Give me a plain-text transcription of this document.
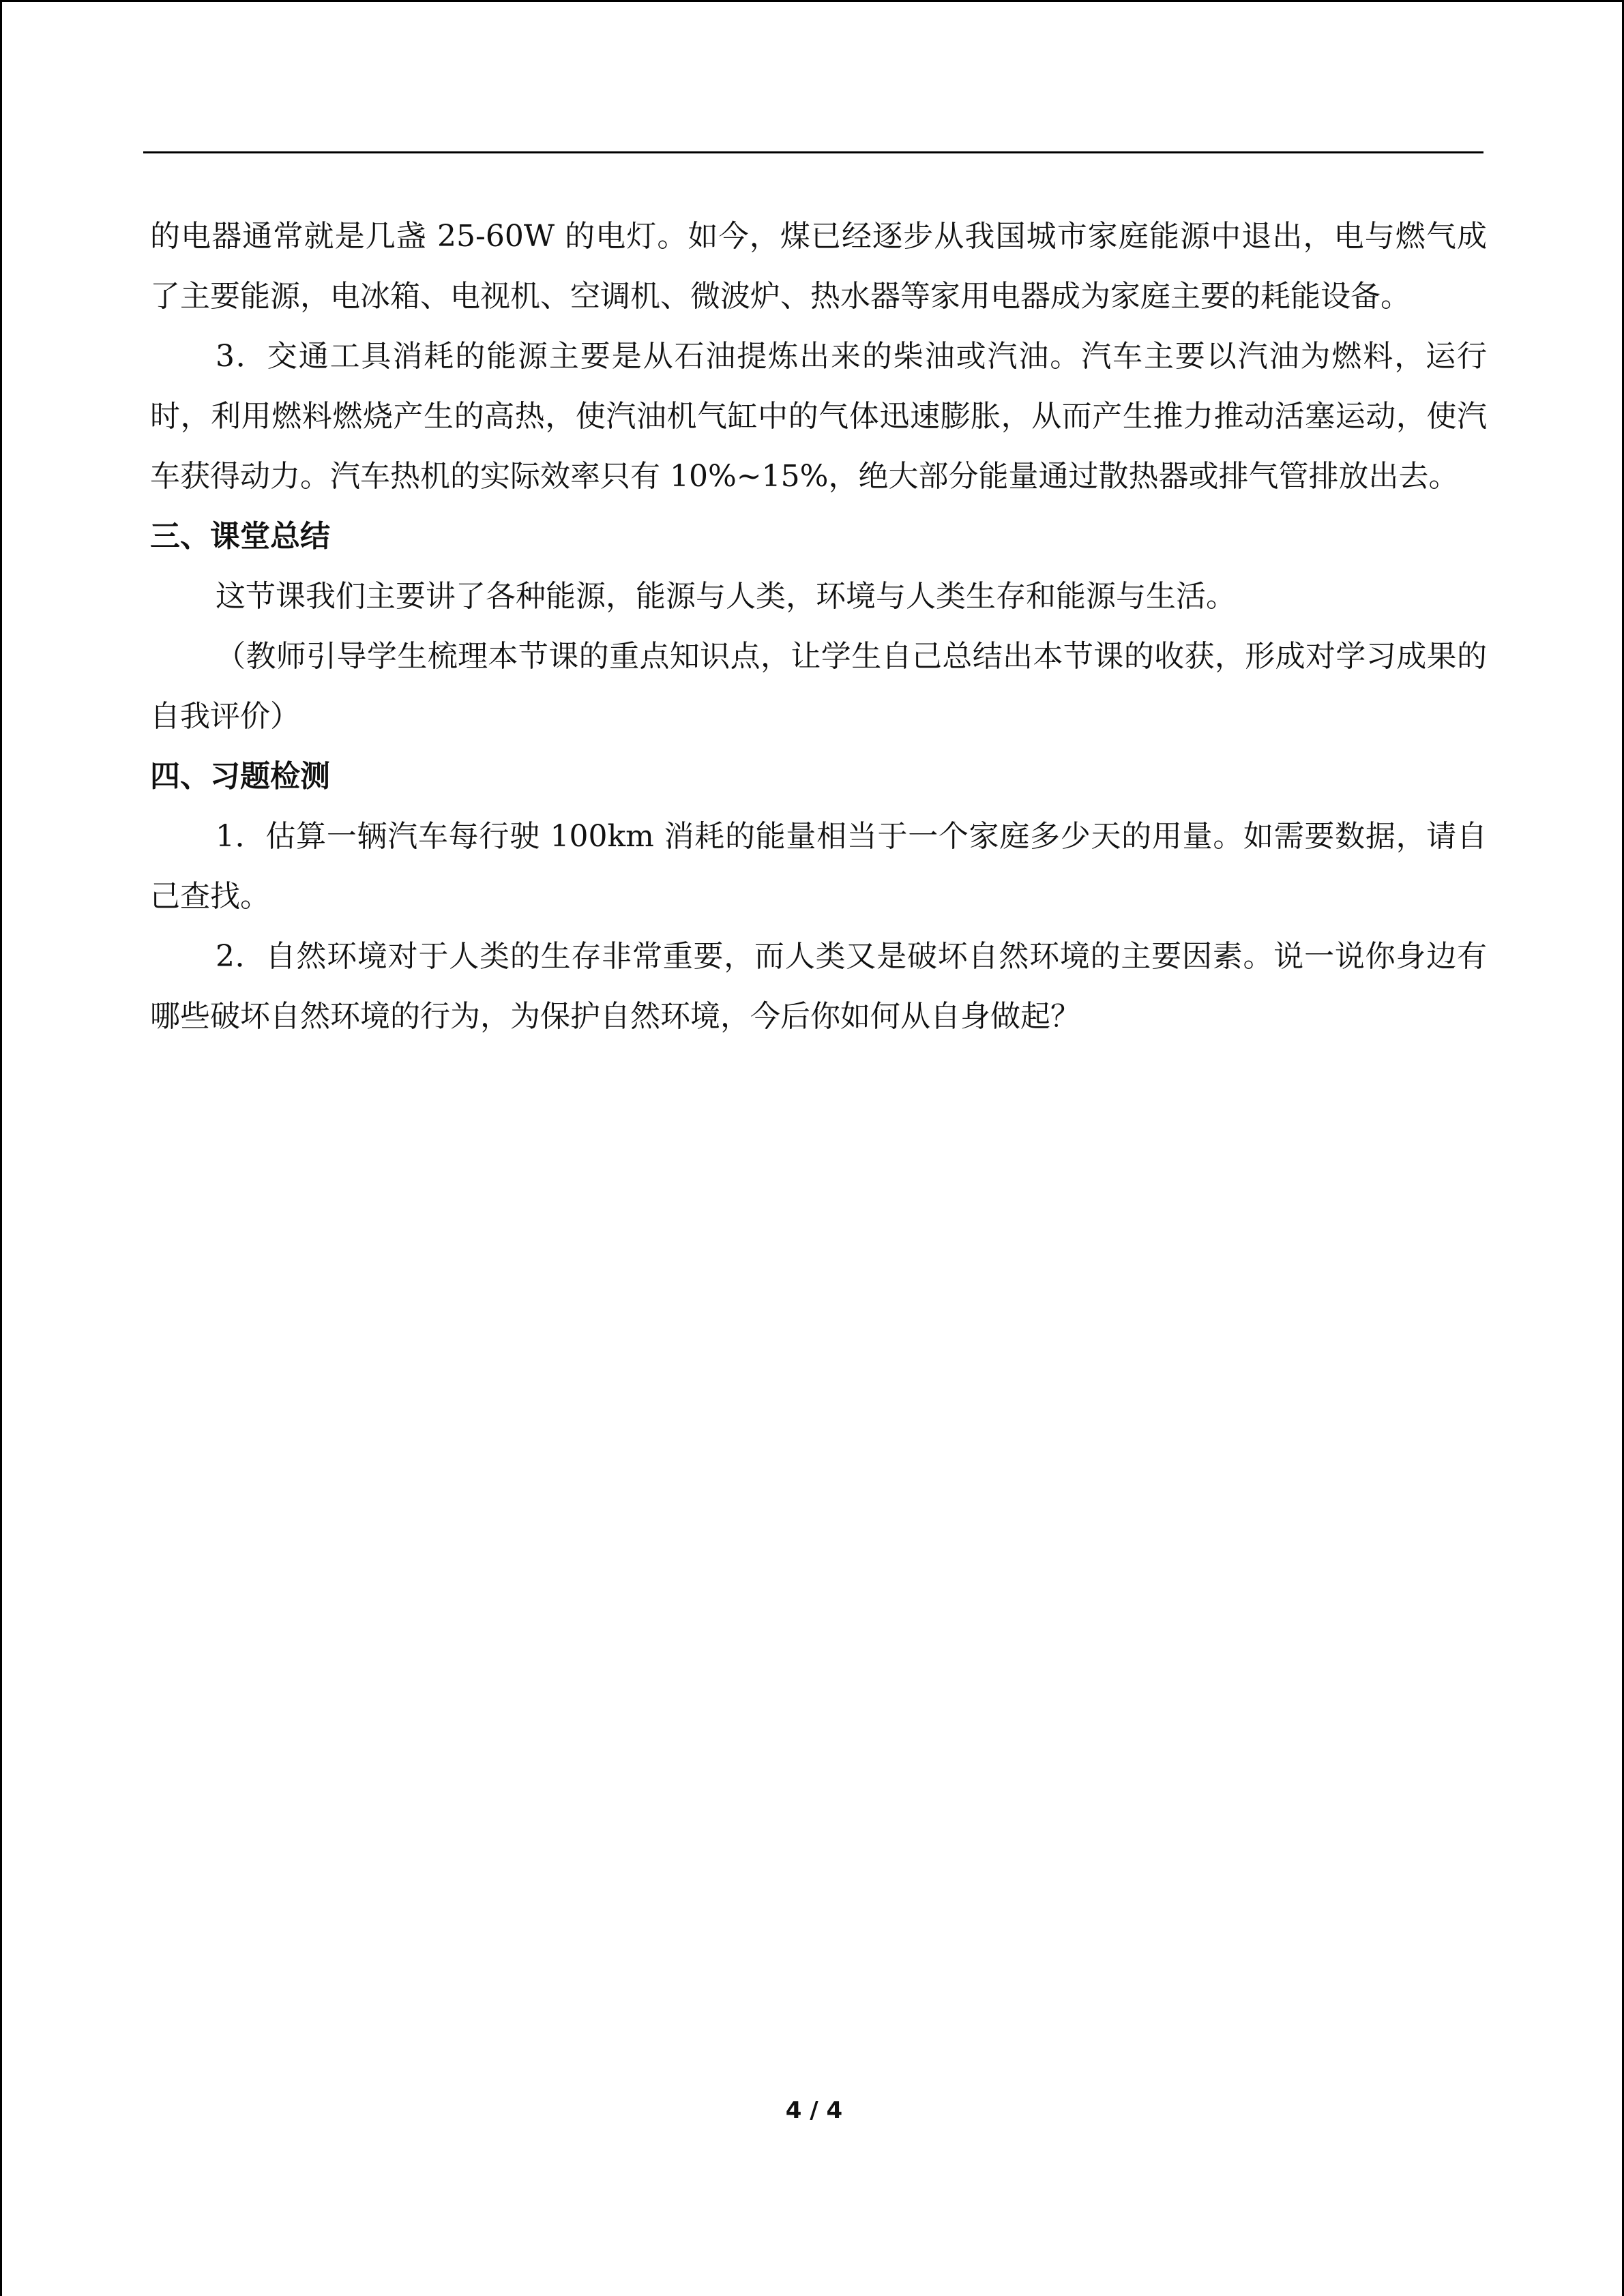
的电器通常就是几盏 25-60W 的电灯。如今，煤已经逐步从我国城市家庭能源中退出，电与燃气成了主要能源，电冰箱、电视机、空调机、微波炉、热水器等家用电器成为家庭主要的耗能设备。

3．交通工具消耗的能源主要是从石油提炼出来的柴油或汽油。汽车主要以汽油为燃料，运行时，利用燃料燃烧产生的高热，使汽油机气缸中的气体迅速膨胀，从而产生推力推动活塞运动，使汽车获得动力。汽车热机的实际效率只有 10%~15%，绝大部分能量通过散热器或排气管排放出去。

三、课堂总结

这节课我们主要讲了各种能源，能源与人类，环境与人类生存和能源与生活。

（教师引导学生梳理本节课的重点知识点，让学生自己总结出本节课的收获，形成对学习成果的自我评价）

四、习题检测

1．估算一辆汽车每行驶 100km 消耗的能量相当于一个家庭多少天的用量。如需要数据，请自己查找。

2．自然环境对于人类的生存非常重要，而人类又是破坏自然环境的主要因素。说一说你身边有哪些破坏自然环境的行为，为保护自然环境，今后你如何从自身做起？

4 / 4
